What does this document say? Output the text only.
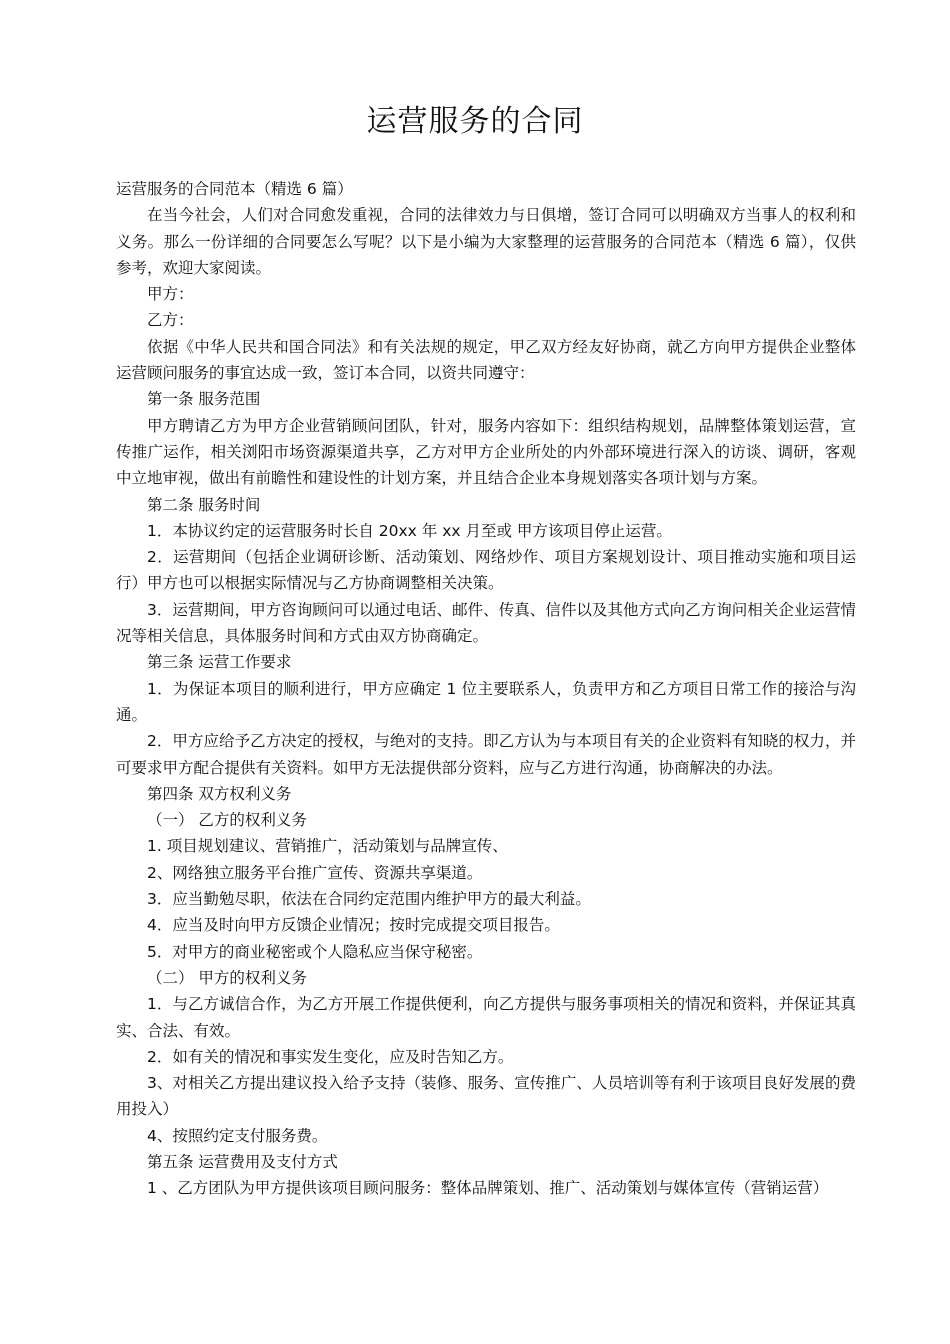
运营服务的合同

运营服务的合同范本（精选 6 篇）

在当今社会，人们对合同愈发重视，合同的法律效力与日俱增，签订合同可以明确双方当事人的权利和义务。那么一份详细的合同要怎么写呢？以下是小编为大家整理的运营服务的合同范本（精选 6 篇），仅供参考，欢迎大家阅读。

甲方：

乙方：

依据《中华人民共和国合同法》和有关法规的规定，甲乙双方经友好协商，就乙方向甲方提供企业整体运营顾问服务的事宜达成一致，签订本合同，以资共同遵守：

第一条 服务范围

甲方聘请乙方为甲方企业营销顾问团队，针对，服务内容如下：组织结构规划，品牌整体策划运营，宣传推广运作，相关浏阳市场资源渠道共享，乙方对甲方企业所处的内外部环境进行深入的访谈、调研，客观中立地审视，做出有前瞻性和建设性的计划方案，并且结合企业本身规划落实各项计划与方案。

第二条 服务时间

1．本协议约定的运营服务时长自 20xx 年 xx 月至或 甲方该项目停止运营。

2．运营期间（包括企业调研诊断、活动策划、网络炒作、项目方案规划设计、项目推动实施和项目运行）甲方也可以根据实际情况与乙方协商调整相关决策。

3．运营期间，甲方咨询顾问可以通过电话、邮件、传真、信件以及其他方式向乙方询问相关企业运营情况等相关信息，具体服务时间和方式由双方协商确定。

第三条 运营工作要求

1．为保证本项目的顺利进行，甲方应确定 1 位主要联系人，负责甲方和乙方项目日常工作的接洽与沟通。

2．甲方应给予乙方决定的授权，与绝对的支持。即乙方认为与本项目有关的企业资料有知晓的权力，并可要求甲方配合提供有关资料。如甲方无法提供部分资料，应与乙方进行沟通，协商解决的办法。

第四条 双方权利义务

（一） 乙方的权利义务

1. 项目规划建议、营销推广，活动策划与品牌宣传、

2、网络独立服务平台推广宣传、资源共享渠道。

3．应当勤勉尽职，依法在合同约定范围内维护甲方的最大利益。

4．应当及时向甲方反馈企业情况；按时完成提交项目报告。

5．对甲方的商业秘密或个人隐私应当保守秘密。

（二） 甲方的权利义务

1．与乙方诚信合作，为乙方开展工作提供便利，向乙方提供与服务事项相关的情况和资料，并保证其真实、合法、有效。

2．如有关的情况和事实发生变化，应及时告知乙方。

3、对相关乙方提出建议投入给予支持（装修、服务、宣传推广、人员培训等有利于该项目良好发展的费用投入）

4、按照约定支付服务费。

第五条 运营费用及支付方式

1 、乙方团队为甲方提供该项目顾问服务：整体品牌策划、推广、活动策划与媒体宣传（营销运营）
